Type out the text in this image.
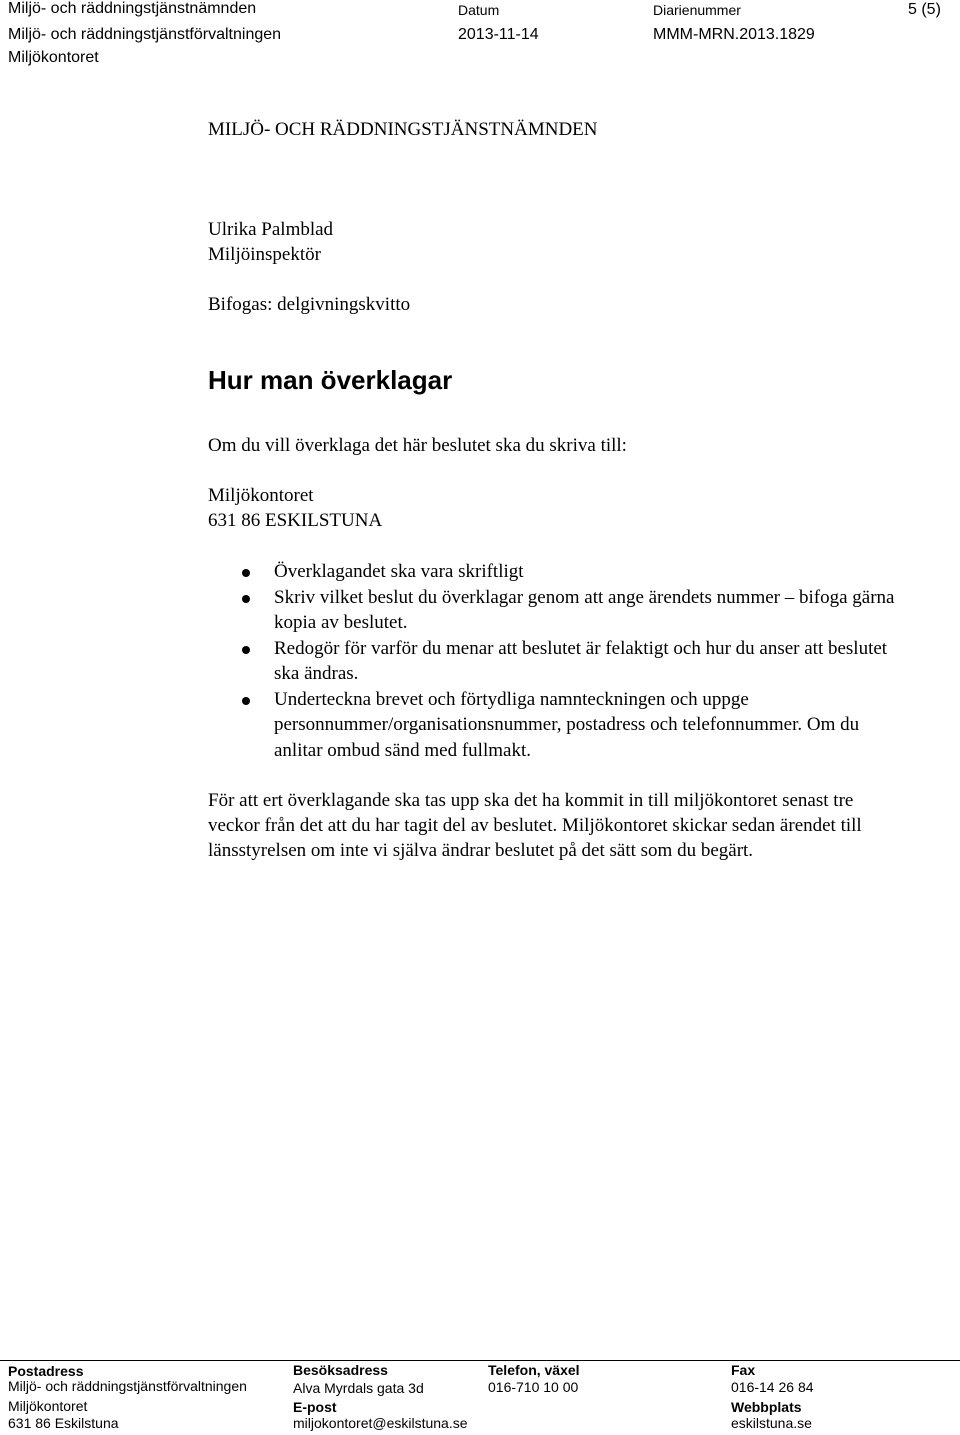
Miljö- och räddningstjänstnämnden
Miljö- och räddningstjänstförvaltningen
Miljökontoret
Datum
2013-11-14
Diarienummer
MMM-MRN.2013.1829
5 (5)
MILJÖ- OCH RÄDDNINGSTJÄNSTNÄMNDEN
Ulrika Palmblad
Miljöinspektör
Bifogas: delgivningskvitto
Hur man överklagar
Om du vill överklaga det här beslutet ska du skriva till:
Miljökontoret
631 86 ESKILSTUNA
Överklagandet ska vara skriftligt
Skriv vilket beslut du överklagar genom att ange ärendets nummer – bifoga gärna kopia av beslutet.
Redogör för varför du menar att beslutet är felaktigt och hur du anser att beslutet ska ändras.
Underteckna brevet och förtydliga namnteckningen och uppge personnummer/organisationsnummer, postadress och telefonnummer. Om du anlitar ombud sänd med fullmakt.
För att ert överklagande ska tas upp ska det ha kommit in till miljökontoret senast tre veckor från det att du har tagit del av beslutet. Miljökontoret skickar sedan ärendet till länsstyrelsen om inte vi själva ändrar beslutet på det sätt som du begärt.
Postadress
Miljö- och räddningstjänstförvaltningen
Miljökontoret
631 86 Eskilstuna
Besöksadress
Alva Myrdals gata 3d
E-post
miljokontoret@eskilstuna.se
Telefon, växel
016-710 10 00
Fax
016-14 26 84
Webbplats
eskilstuna.se
